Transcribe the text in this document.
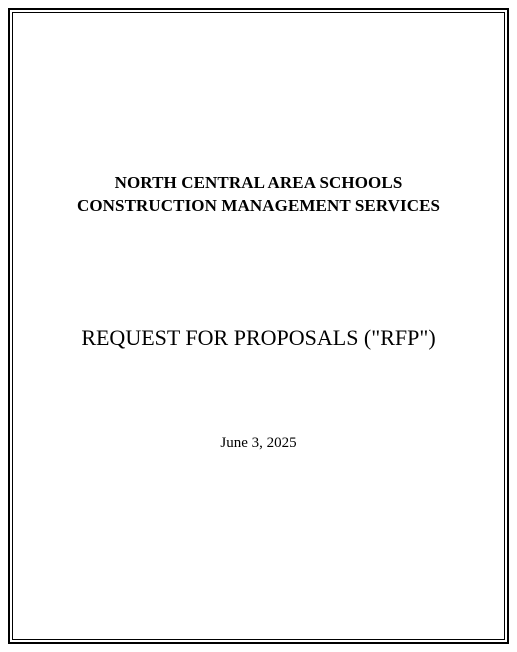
NORTH CENTRAL AREA SCHOOLS
CONSTRUCTION MANAGEMENT SERVICES
REQUEST FOR PROPOSALS ("RFP")
June 3, 2025
